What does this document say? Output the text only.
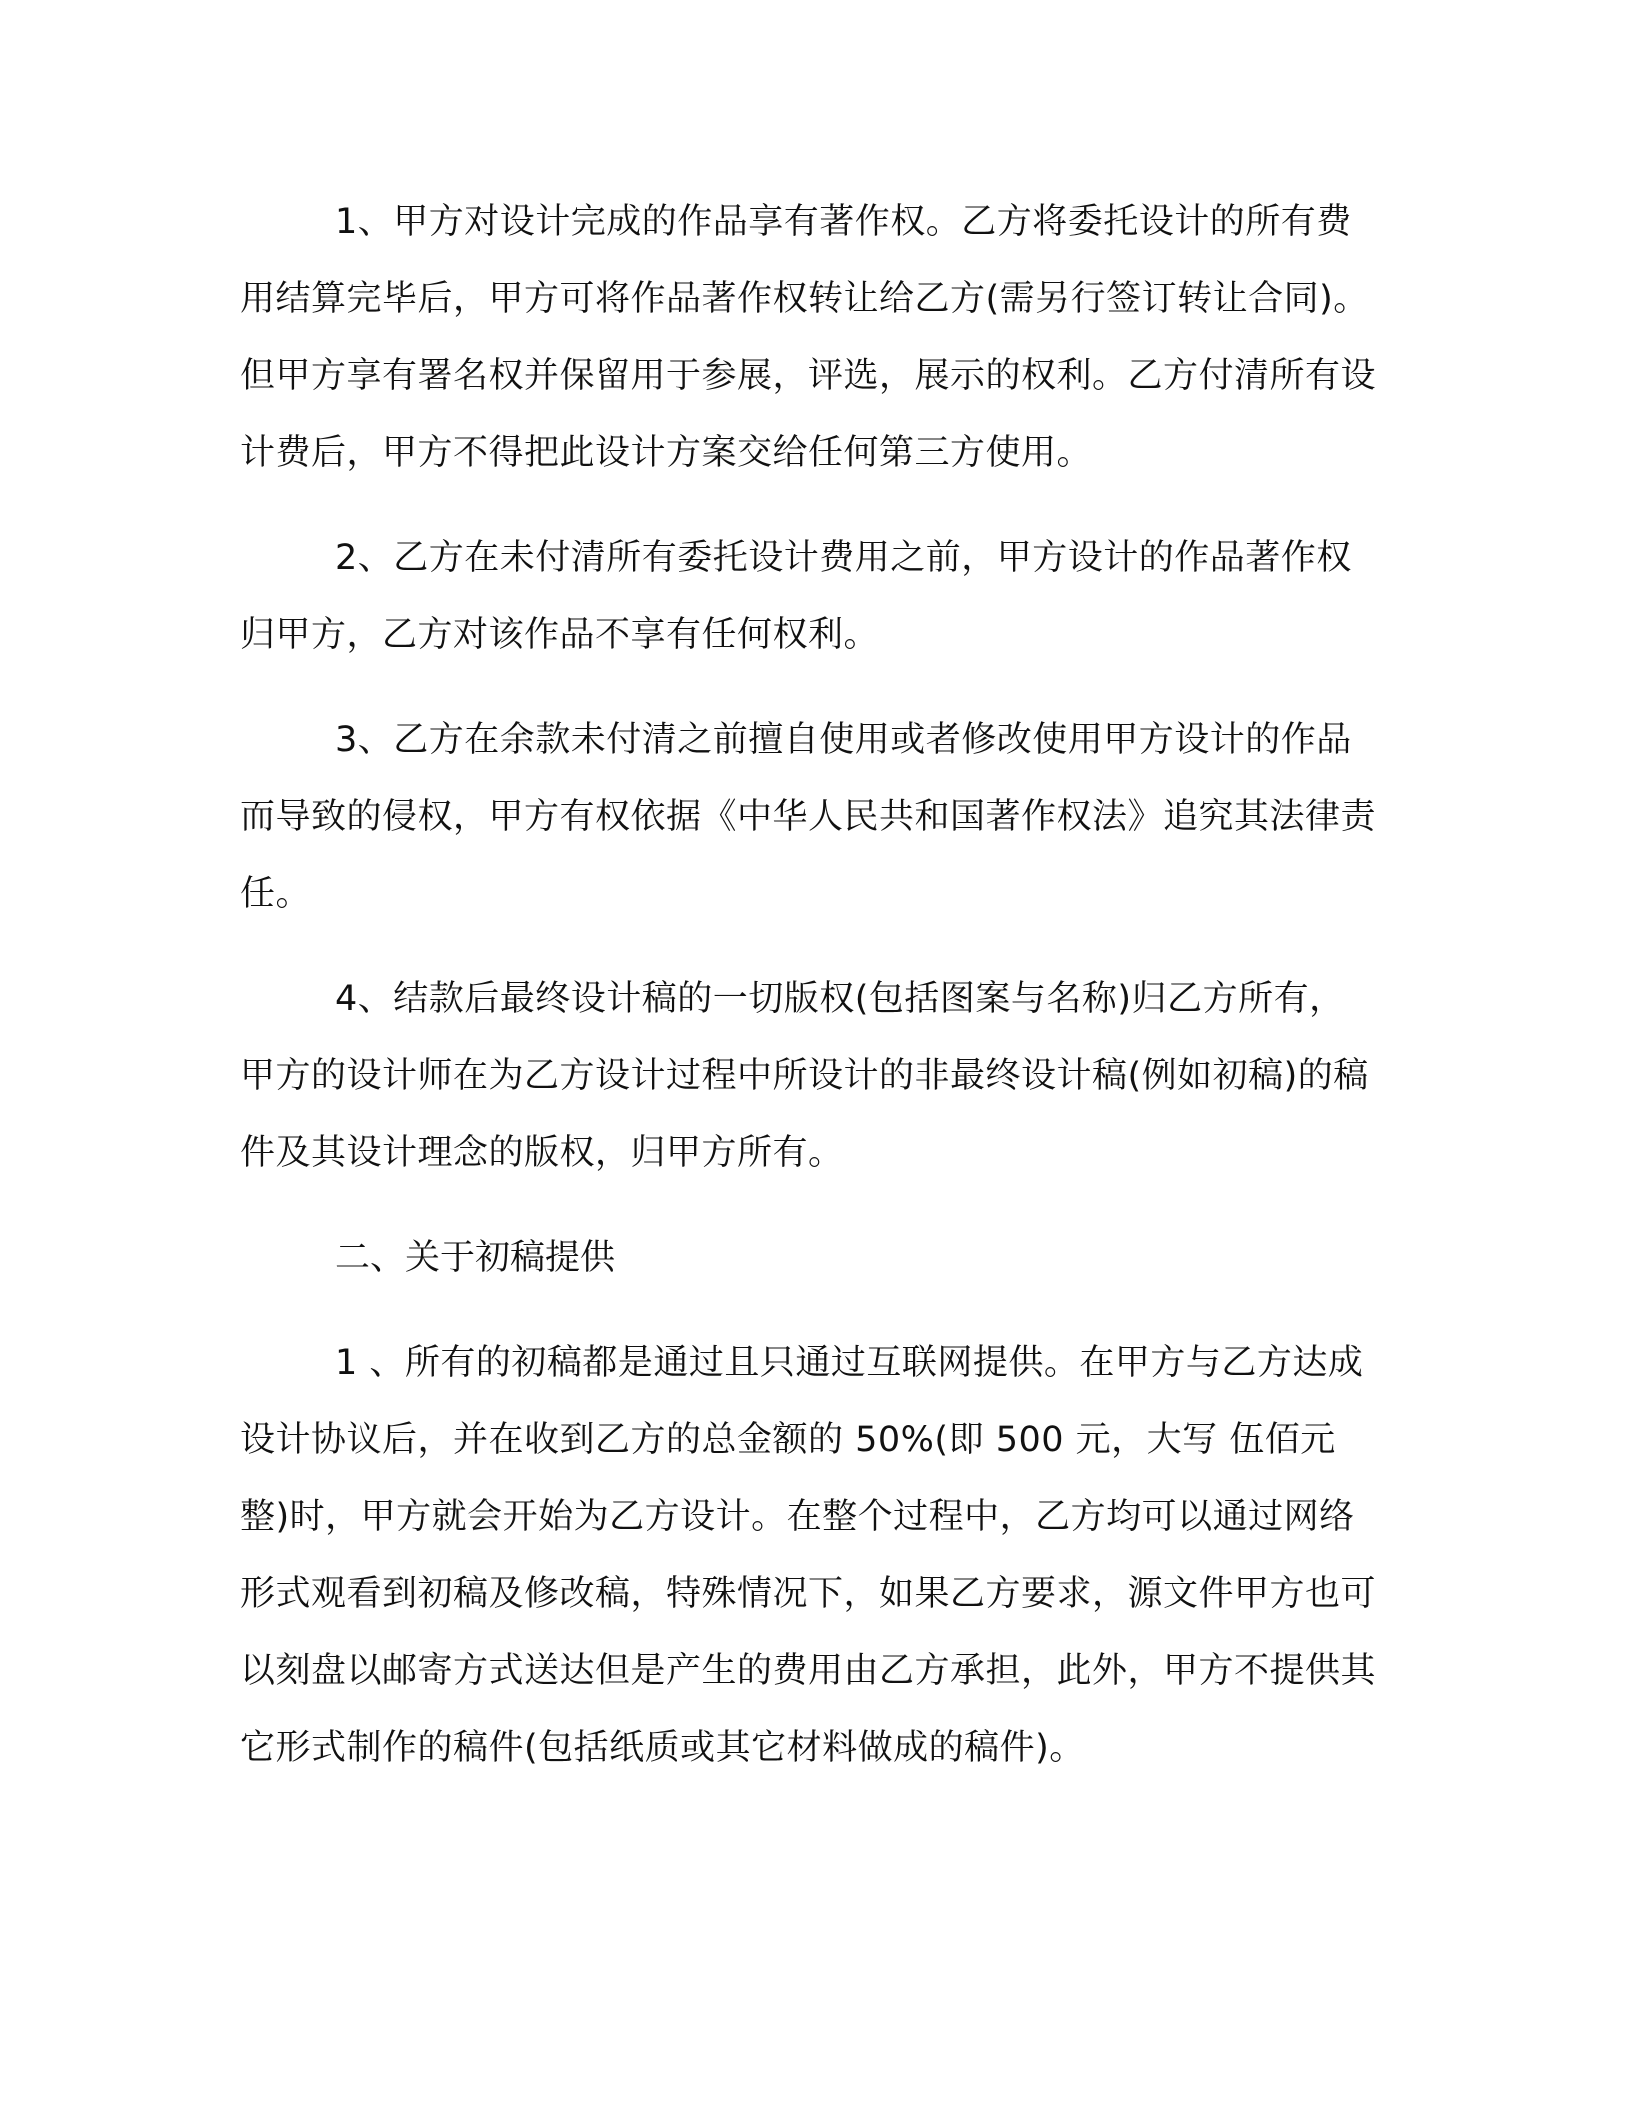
1、甲方对设计完成的作品享有著作权。乙方将委托设计的所有费用结算完毕后，甲方可将作品著作权转让给乙方(需另行签订转让合同)。但甲方享有署名权并保留用于参展，评选，展示的权利。乙方付清所有设计费后，甲方不得把此设计方案交给任何第三方使用。

2、乙方在未付清所有委托设计费用之前，甲方设计的作品著作权归甲方，乙方对该作品不享有任何权利。

3、乙方在余款未付清之前擅自使用或者修改使用甲方设计的作品而导致的侵权，甲方有权依据《中华人民共和国著作权法》追究其法律责任。

4、结款后最终设计稿的一切版权(包括图案与名称)归乙方所有，甲方的设计师在为乙方设计过程中所设计的非最终设计稿(例如初稿)的稿件及其设计理念的版权，归甲方所有。

二、关于初稿提供

1 、所有的初稿都是通过且只通过互联网提供。在甲方与乙方达成设计协议后，并在收到乙方的总金额的 50%(即 500 元，大写 伍佰元 整)时，甲方就会开始为乙方设计。在整个过程中，乙方均可以通过网络形式观看到初稿及修改稿，特殊情况下，如果乙方要求，源文件甲方也可以刻盘以邮寄方式送达但是产生的费用由乙方承担，此外，甲方不提供其它形式制作的稿件(包括纸质或其它材料做成的稿件)。
